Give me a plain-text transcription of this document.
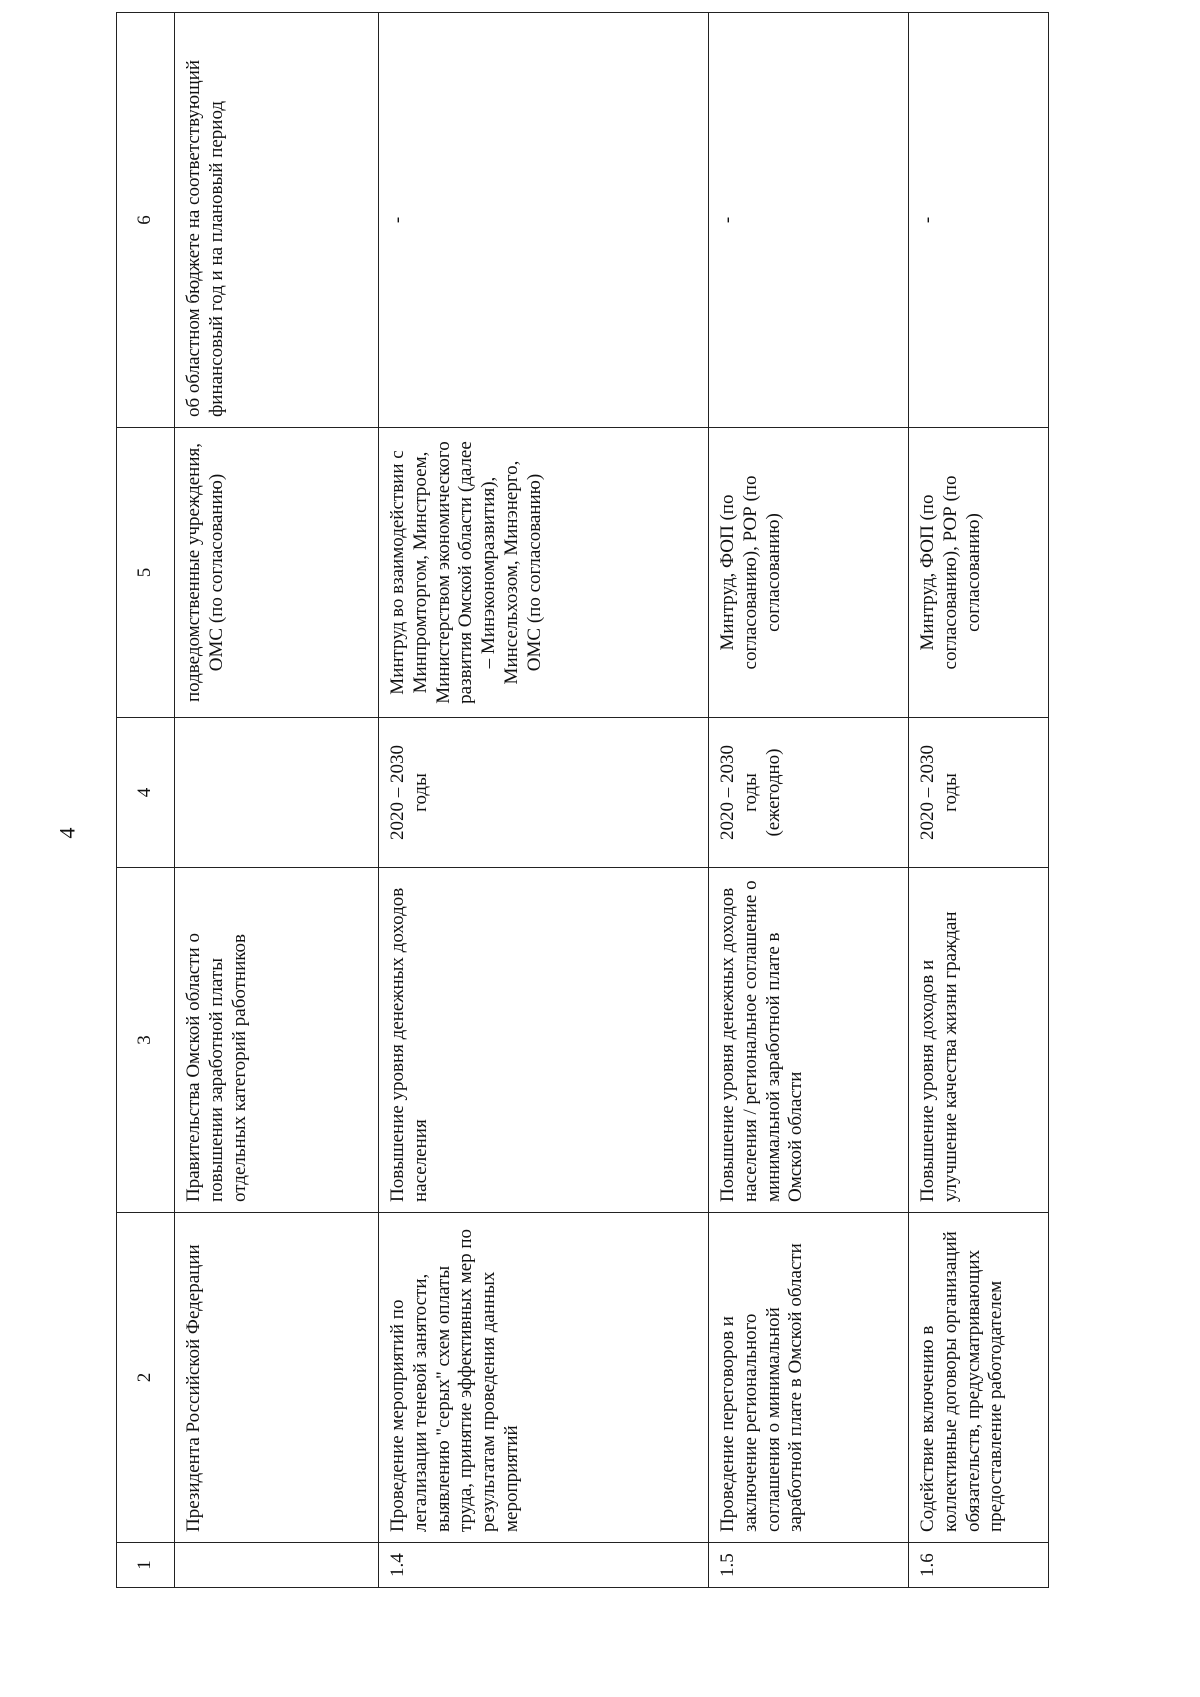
4
1	2	3	4	5	6
	Президента Российской Федерации	Правительства Омской области о повышении заработной платы отдельных категорий работников		подведомственные учреждения, ОМС (по согласованию)	об областном бюджете на соответствующий финансовый год и на плановый период
1.4	Проведение мероприятий по легализации теневой занятости, выявлению "серых" схем оплаты труда, принятие эффективных мер по результатам проведения данных мероприятий	Повышение уровня денежных доходов населения	2020 – 2030 годы	Минтруд во взаимодействии с Минпромторгом, Минстроем, Министерством экономического развития Омской области (далее – Минэкономразвития), Минсельхозом, Минэнерго, ОМС (по согласованию)	-
1.5	Проведение переговоров и заключение регионального соглашения о минимальной заработной плате в Омской области	Повышение уровня денежных доходов населения / региональное соглашение о минимальной заработной плате в Омской области	2020 – 2030 годы (ежегодно)	Минтруд, ФОП (по согласованию), РОР (по согласованию)	-
1.6	Содействие включению в коллективные договоры организаций обязательств, предусматривающих предоставление работодателем	Повышение уровня доходов и улучшение качества жизни граждан	2020 – 2030 годы	Минтруд, ФОП (по согласованию), РОР (по согласованию)	-
